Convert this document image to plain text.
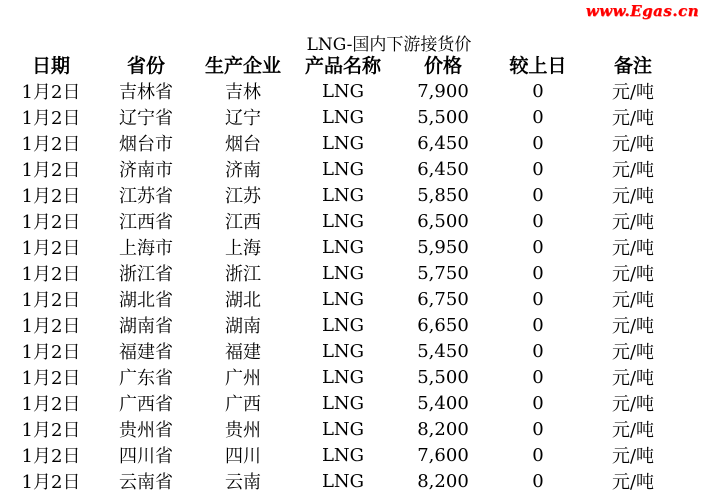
www.Egas.cn
LNG-国内下游接货价
日期	省份	生产企业	产品名称	价格	较上日	备注
1月2日	吉林省	吉林	LNG	7,900	0	元/吨
1月2日	辽宁省	辽宁	LNG	5,500	0	元/吨
1月2日	烟台市	烟台	LNG	6,450	0	元/吨
1月2日	济南市	济南	LNG	6,450	0	元/吨
1月2日	江苏省	江苏	LNG	5,850	0	元/吨
1月2日	江西省	江西	LNG	6,500	0	元/吨
1月2日	上海市	上海	LNG	5,950	0	元/吨
1月2日	浙江省	浙江	LNG	5,750	0	元/吨
1月2日	湖北省	湖北	LNG	6,750	0	元/吨
1月2日	湖南省	湖南	LNG	6,650	0	元/吨
1月2日	福建省	福建	LNG	5,450	0	元/吨
1月2日	广东省	广州	LNG	5,500	0	元/吨
1月2日	广西省	广西	LNG	5,400	0	元/吨
1月2日	贵州省	贵州	LNG	8,200	0	元/吨
1月2日	四川省	四川	LNG	7,600	0	元/吨
1月2日	云南省	云南	LNG	8,200	0	元/吨
